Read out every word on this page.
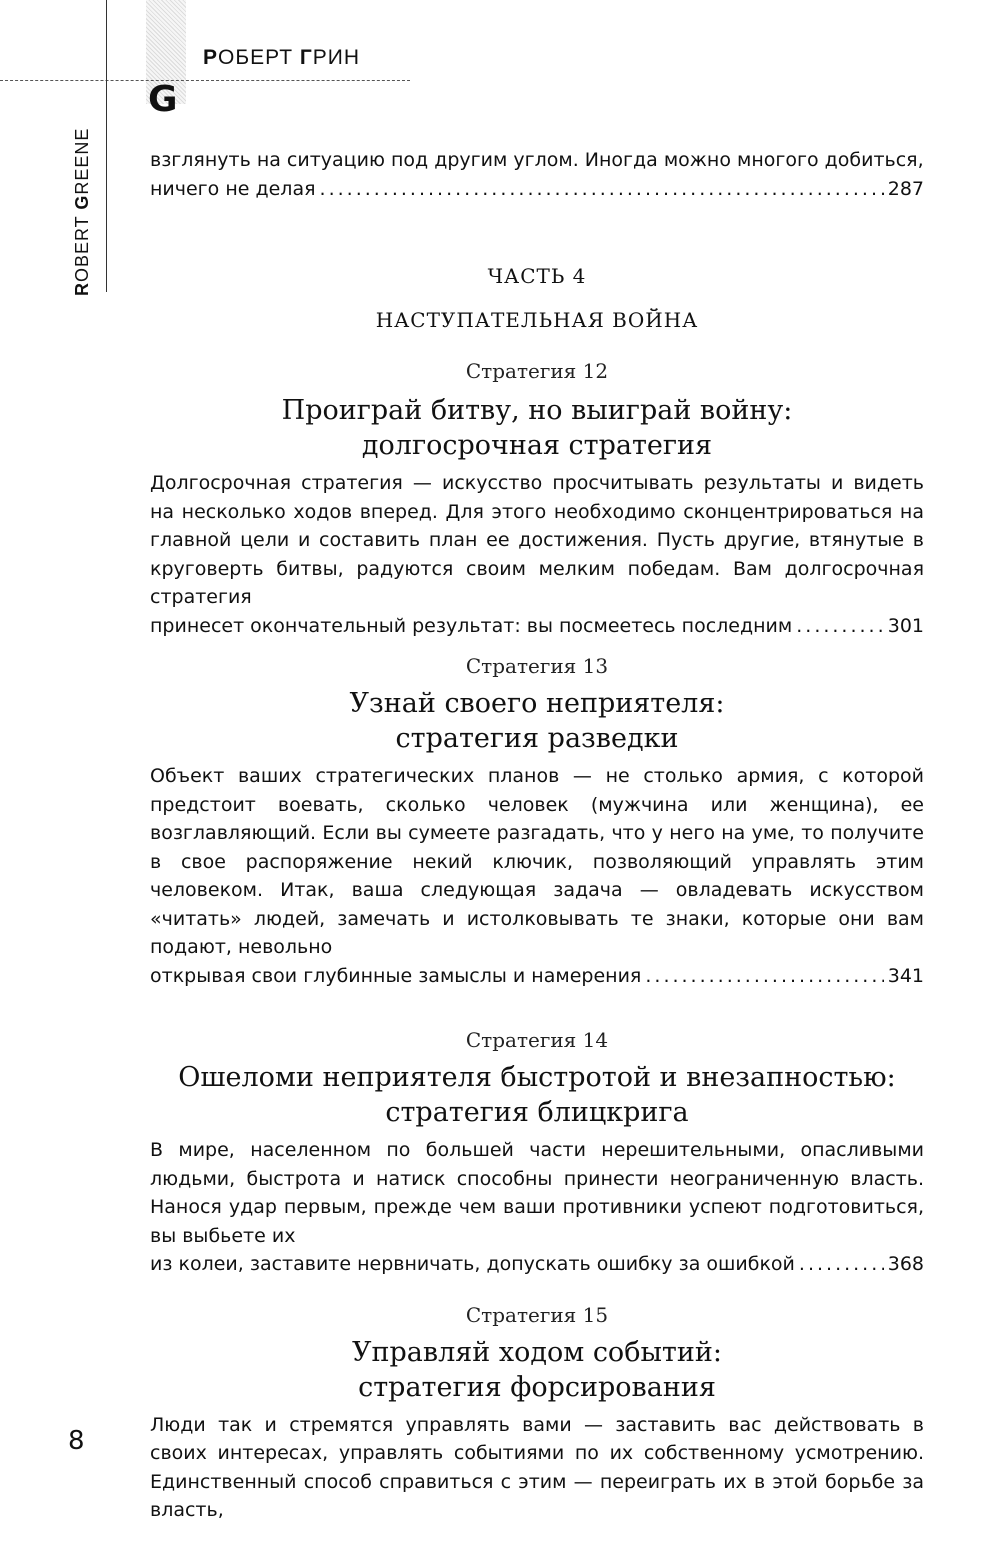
РОБЕРТ ГРИН
G
ROBERT GREENE	взглянуть на ситуацию под другим углом. Иногда можно многого добиться,

ничего не делая .....	287
ЧАСТЬ 4
НАСТУПАТЕЛЬНАЯ ВОЙНА
Стратегия 12
Проиграй битву, но выиграй войну:
долгосрочная стратегия

Долгосрочная стратегия — искусство просчитывать результаты и видеть на несколько ходов вперед. Для этого необходимо сконцентрироваться на главной цели и составить план ее достижения. Пусть другие, втянутые в круговерть битвы, радуются своим мелким победам. Вам долгосрочная стратегия

принесет окончательный результат: вы посмеетесь последним .....	301
Стратегия 13
Узнай своего неприятеля:
стратегия разведки

Объект ваших стратегических планов — не столько армия, с которой предстоит воевать, сколько человек (мужчина или женщина), ее возглавляющий. Если вы сумеете разгадать, что у него на уме, то получите в свое распоряжение некий ключик, позволяющий управлять этим человеком. Итак, ваша следующая задача — овладевать искусством «читать» людей, замечать и истолковывать те знаки, которые они вам подают, невольно

открывая свои глубинные замыслы и намерения .....	341
Стратегия 14
Ошеломи неприятеля быстротой и внезапностью:
стратегия блицкрига

В мире, населенном по большей части нерешительными, опасливыми людьми, быстрота и натиск способны принести неограниченную власть. Нанося удар первым, прежде чем ваши противники успеют подготовиться, вы выбьете их

из колеи, заставите нервничать, допускать ошибку за ошибкой .....	368
Стратегия 15
Управляй ходом событий:
стратегия форсирования

Люди так и стремятся управлять вами — заставить вас действовать в своих интересах, управлять событиями по их собственному усмотрению. Единственный способ справиться с этим — переиграть их в этой борьбе за власть,

8
